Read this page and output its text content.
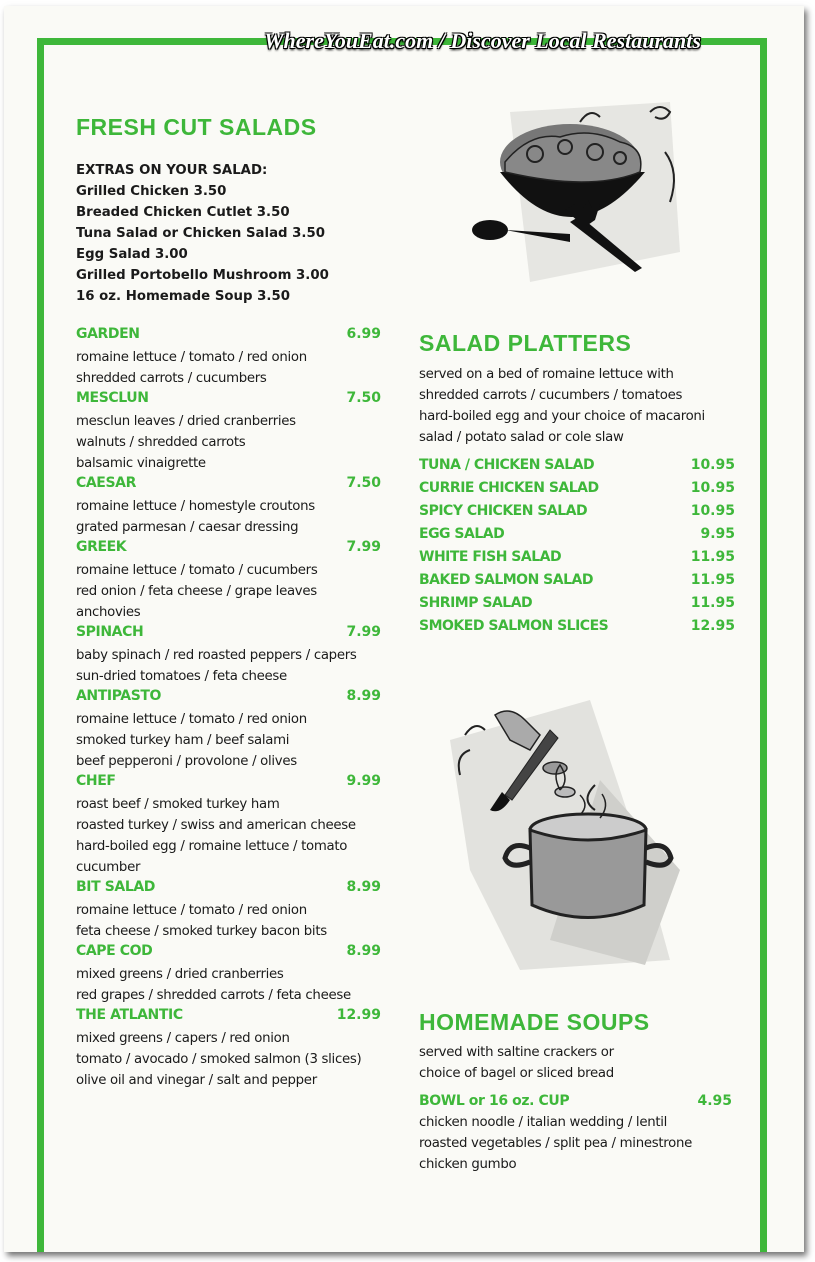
WhereYouEat.com / Discover Local Restaurants
FRESH CUT SALADS
EXTRAS ON YOUR SALAD:
Grilled Chicken 3.50
Breaded Chicken Cutlet 3.50
Tuna Salad or Chicken Salad 3.50
Egg Salad 3.00
Grilled Portobello Mushroom 3.00
16 oz. Homemade Soup 3.50
GARDEN	6.99
romaine lettuce / tomato / red onion
shredded carrots / cucumbers
MESCLUN	7.50
mesclun leaves / dried cranberries
walnuts / shredded carrots
balsamic vinaigrette
CAESAR	7.50
romaine lettuce / homestyle croutons
grated parmesan / caesar dressing
GREEK	7.99
romaine lettuce / tomato / cucumbers
red onion / feta cheese / grape leaves
anchovies
SPINACH	7.99
baby spinach / red roasted peppers / capers
sun-dried tomatoes / feta cheese
ANTIPASTO	8.99
romaine lettuce / tomato / red onion
smoked turkey ham / beef salami
beef pepperoni / provolone / olives
CHEF	9.99
roast beef / smoked turkey ham
roasted turkey / swiss and american cheese
hard-boiled egg / romaine lettuce / tomato
cucumber
BIT SALAD	8.99
romaine lettuce / tomato / red onion
feta cheese / smoked turkey bacon bits
CAPE COD	8.99
mixed greens / dried cranberries
red grapes / shredded carrots / feta cheese
THE ATLANTIC	12.99
mixed greens / capers / red onion
tomato / avocado / smoked salmon (3 slices)
olive oil and vinegar / salt and pepper
SALAD PLATTERS
served on a bed of romaine lettuce with
shredded carrots / cucumbers / tomatoes
hard-boiled egg and your choice of macaroni
salad / potato salad or cole slaw
TUNA / CHICKEN SALAD	10.95
CURRIE CHICKEN SALAD	10.95
SPICY CHICKEN SALAD	10.95
EGG SALAD	9.95
WHITE FISH SALAD	11.95
BAKED SALMON SALAD	11.95
SHRIMP SALAD	11.95
SMOKED SALMON SLICES	12.95
HOMEMADE SOUPS
served with saltine crackers or
choice of bagel or sliced bread
BOWL or 16 oz. CUP	4.95
chicken noodle / italian wedding / lentil
roasted vegetables / split pea / minestrone
chicken gumbo
